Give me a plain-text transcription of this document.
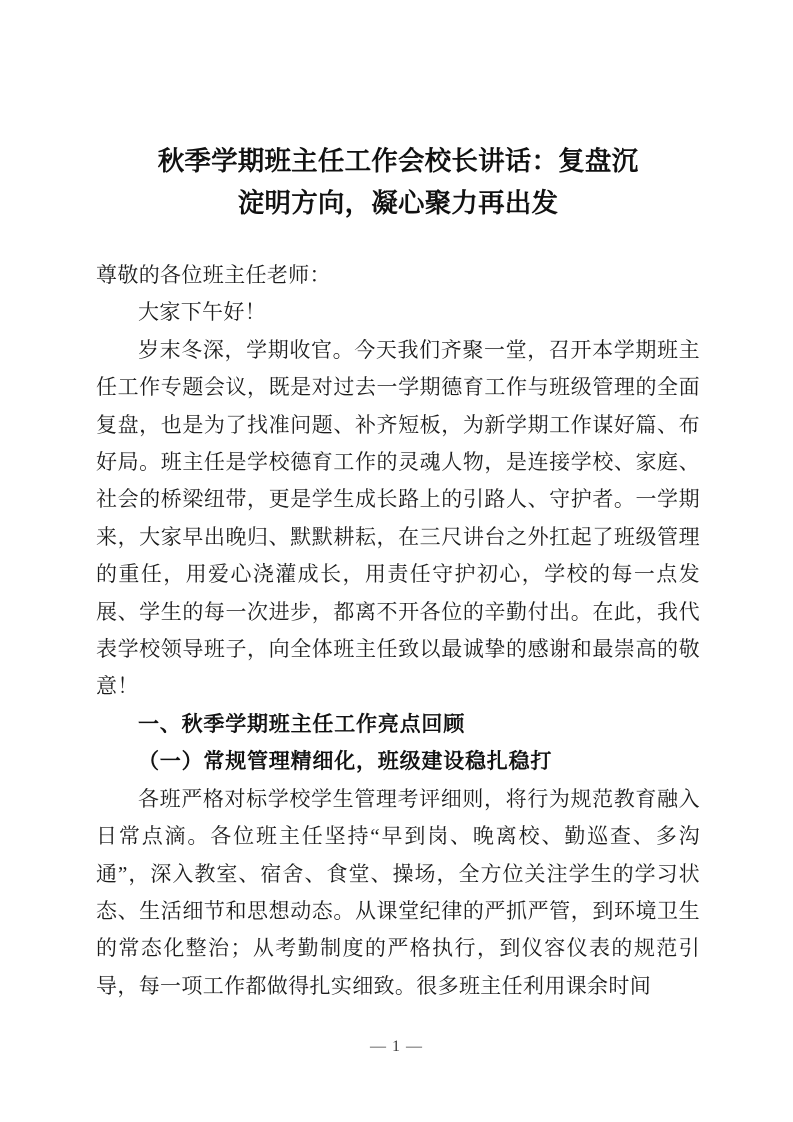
秋季学期班主任工作会校长讲话：复盘沉
淀明方向，凝心聚力再出发

尊敬的各位班主任老师：

大家下午好！

岁末冬深，学期收官。今天我们齐聚一堂，召开本学期班主任工作专题会议，既是对过去一学期德育工作与班级管理的全面复盘，也是为了找准问题、补齐短板，为新学期工作谋好篇、布好局。班主任是学校德育工作的灵魂人物，是连接学校、家庭、社会的桥梁纽带，更是学生成长路上的引路人、守护者。一学期来，大家早出晚归、默默耕耘，在三尺讲台之外扛起了班级管理的重任，用爱心浇灌成长，用责任守护初心，学校的每一点发展、学生的每一次进步，都离不开各位的辛勤付出。在此，我代表学校领导班子，向全体班主任致以最诚挚的感谢和最崇高的敬意！

一、秋季学期班主任工作亮点回顾

（一）常规管理精细化，班级建设稳扎稳打

各班严格对标学校学生管理考评细则，将行为规范教育融入日常点滴。各位班主任坚持“早到岗、晚离校、勤巡查、多沟通”，深入教室、宿舍、食堂、操场，全方位关注学生的学习状态、生活细节和思想动态。从课堂纪律的严抓严管，到环境卫生的常态化整治；从考勤制度的严格执行，到仪容仪表的规范引导，每一项工作都做得扎实细致。很多班主任利用课余时间

— 1 —
